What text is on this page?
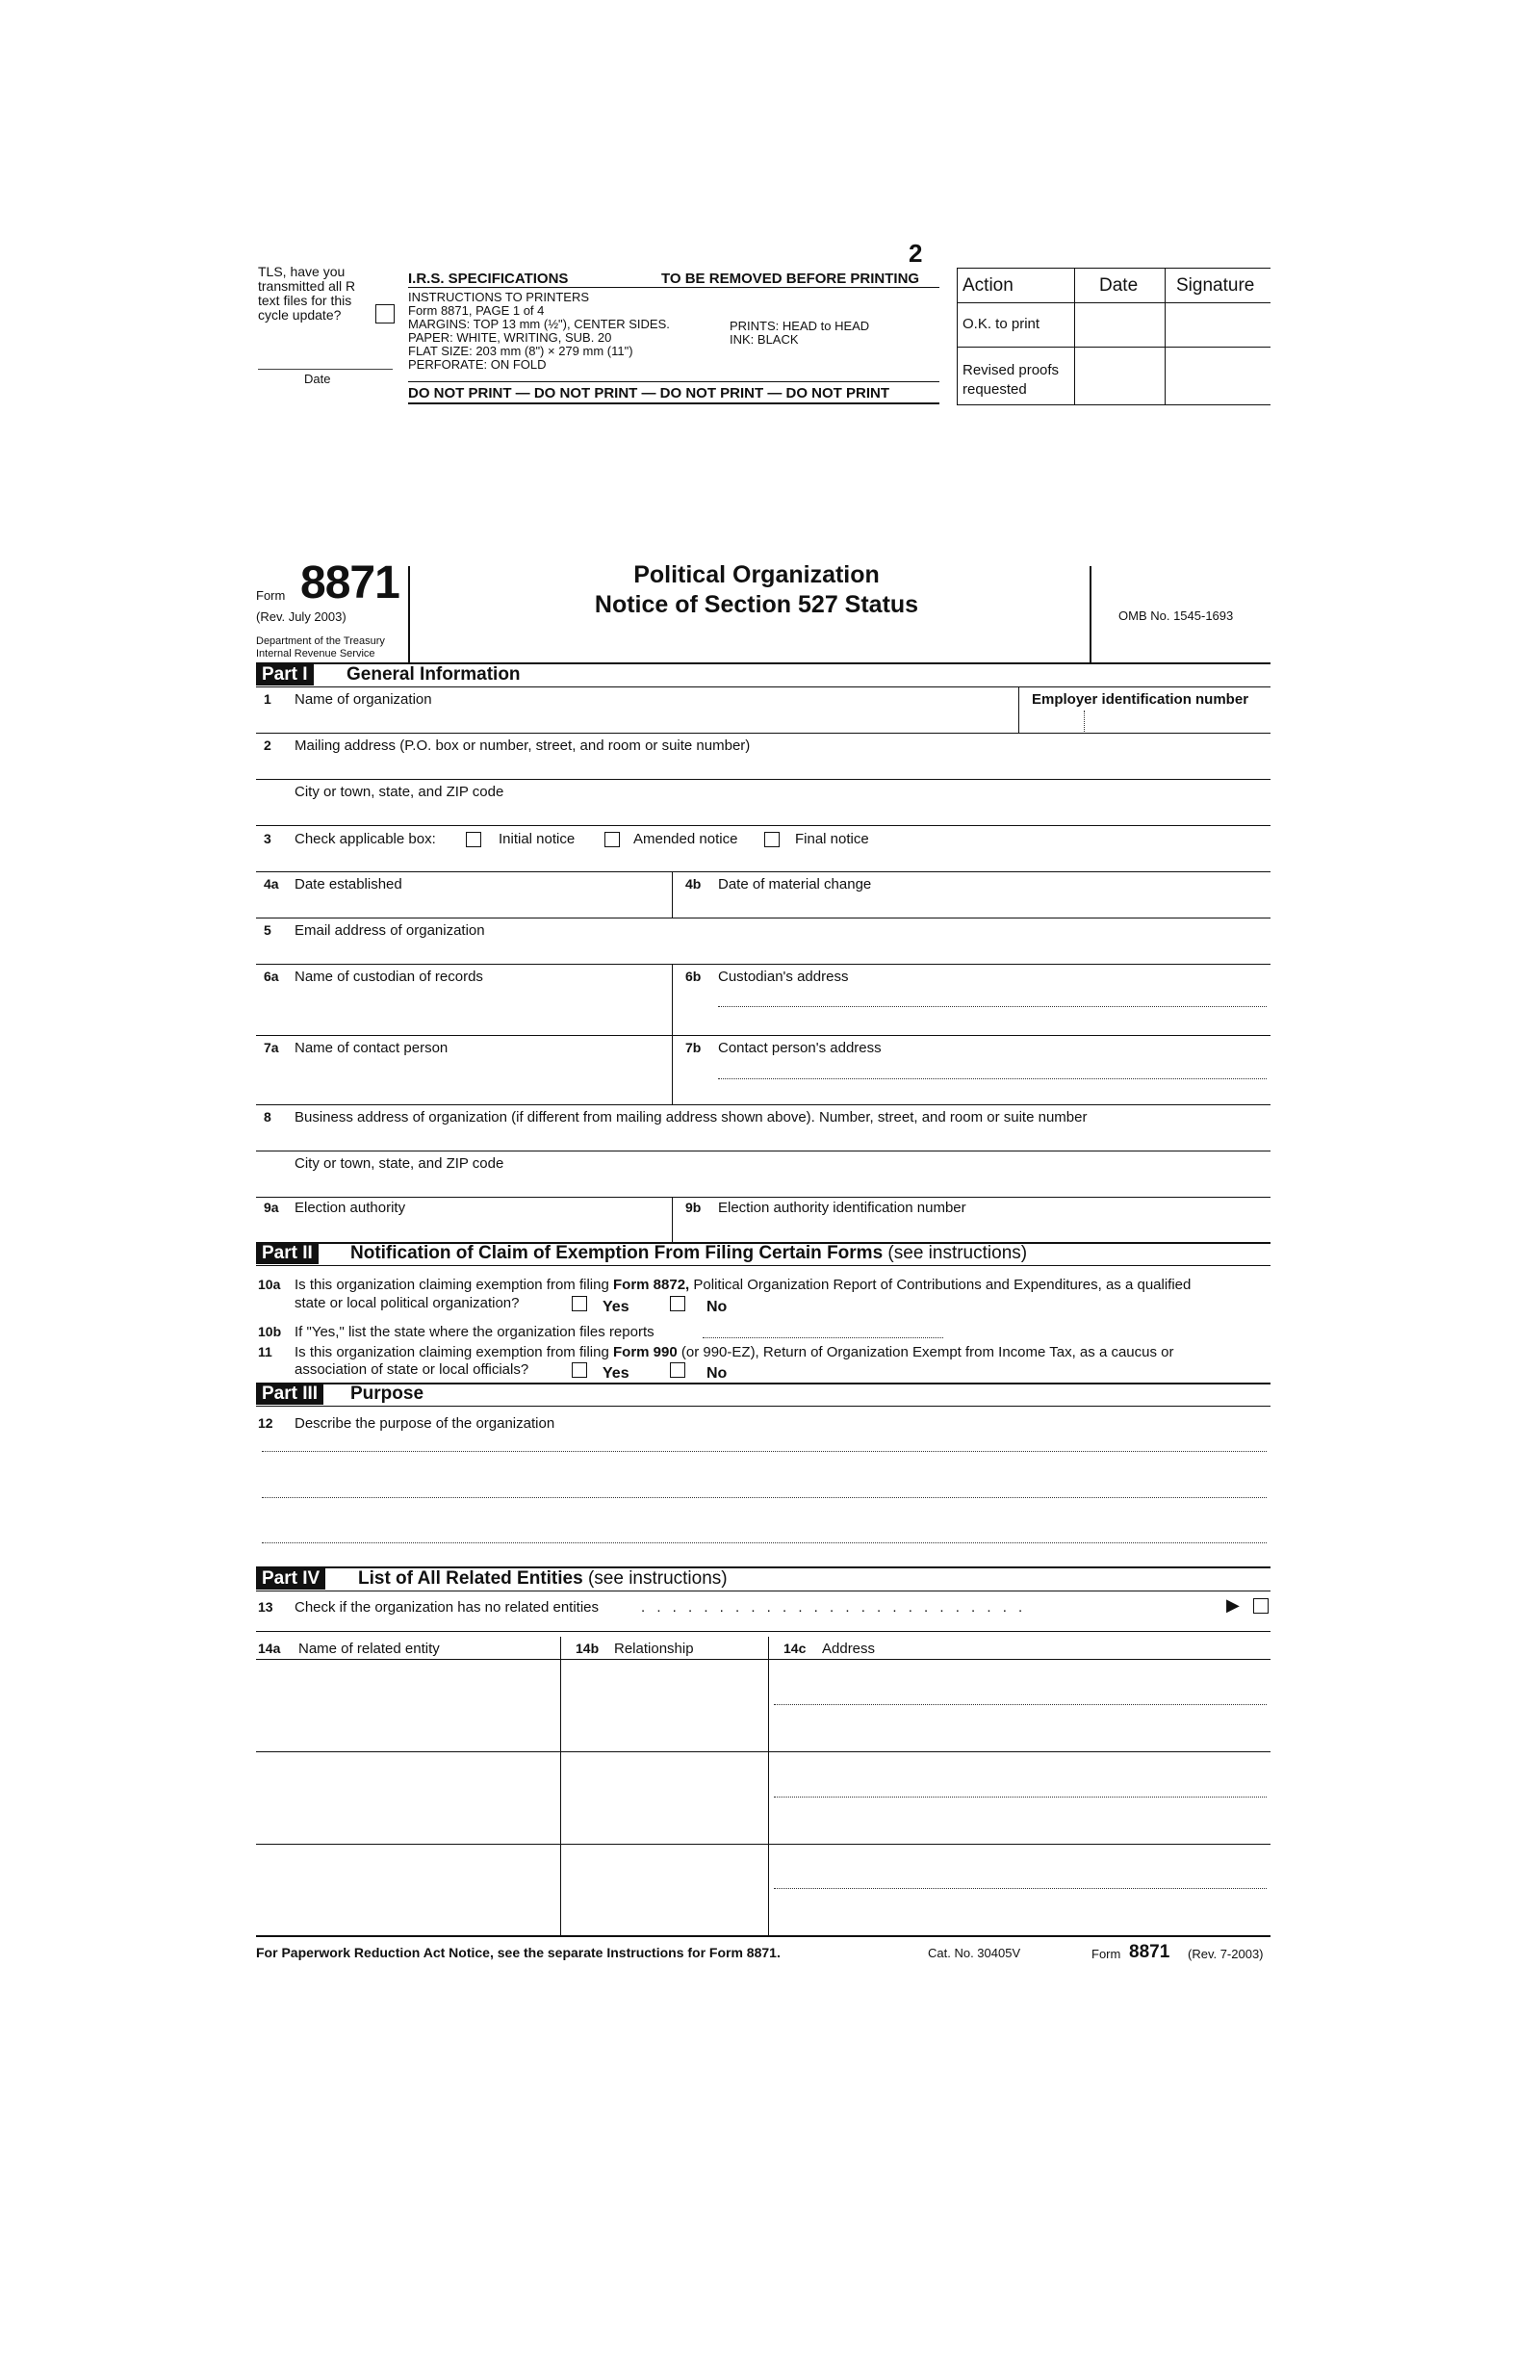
TLS, have you
transmitted all R
text files for this
cycle update?
Date
2
I.R.S. SPECIFICATIONS	TO BE REMOVED BEFORE PRINTING
INSTRUCTIONS TO PRINTERS
Form 8871, PAGE 1 of 4
MARGINS: TOP 13 mm (½"), CENTER SIDES.
PAPER: WHITE, WRITING, SUB. 20
FLAT SIZE: 203 mm (8") × 279 mm (11")
PERFORATE: ON FOLD
PRINTS: HEAD to HEAD
INK: BLACK
DO NOT PRINT — DO NOT PRINT — DO NOT PRINT — DO NOT PRINT
Action	Date Signature
O.K. to print
Revised proofs requested
Form 8871
(Rev. July 2003)
Department of the Treasury
Internal Revenue Service
Political Organization
Notice of Section 527 Status	OMB No. 1545-1693
Part I	General Information
1 Name of organization	Employer identification number
2 Mailing address (P.O. box or number, street, and room or suite number)
City or town, state, and ZIP code
3 Check applicable box:	Initial notice	Amended notice	Final notice
4a Date established	4b Date of material change
5 Email address of organization
6a Name of custodian of records	6b Custodian's address
7a Name of contact person	7b Contact person's address
8 Business address of organization (if different from mailing address shown above). Number, street, and room or suite number
City or town, state, and ZIP code
9a Election authority	9b Election authority identification number
Part II	Notification of Claim of Exemption From Filing Certain Forms (see instructions)
10a Is this organization claiming exemption from filing Form 8872, Political Organization Report of Contributions and Expenditures, as a qualified
state or local political organization?	Yes	No
10b If "Yes," list the state where the organization files reports
11 Is this organization claiming exemption from filing Form 990 (or 990-EZ), Return of Organization Exempt from Income Tax, as a caucus or
association of state or local officials?	Yes	No
Part III	Purpose
12 Describe the purpose of the organization
Part IV	List of All Related Entities (see instructions)
13 Check if the organization has no related entities	. . . . . . . . . . . . . . . . . . . . . . . . .	▶
14a Name of related entity	14b Relationship	14c Address
For Paperwork Reduction Act Notice, see the separate Instructions for Form 8871.	Cat. No. 30405V	Form 8871 (Rev. 7-2003)
